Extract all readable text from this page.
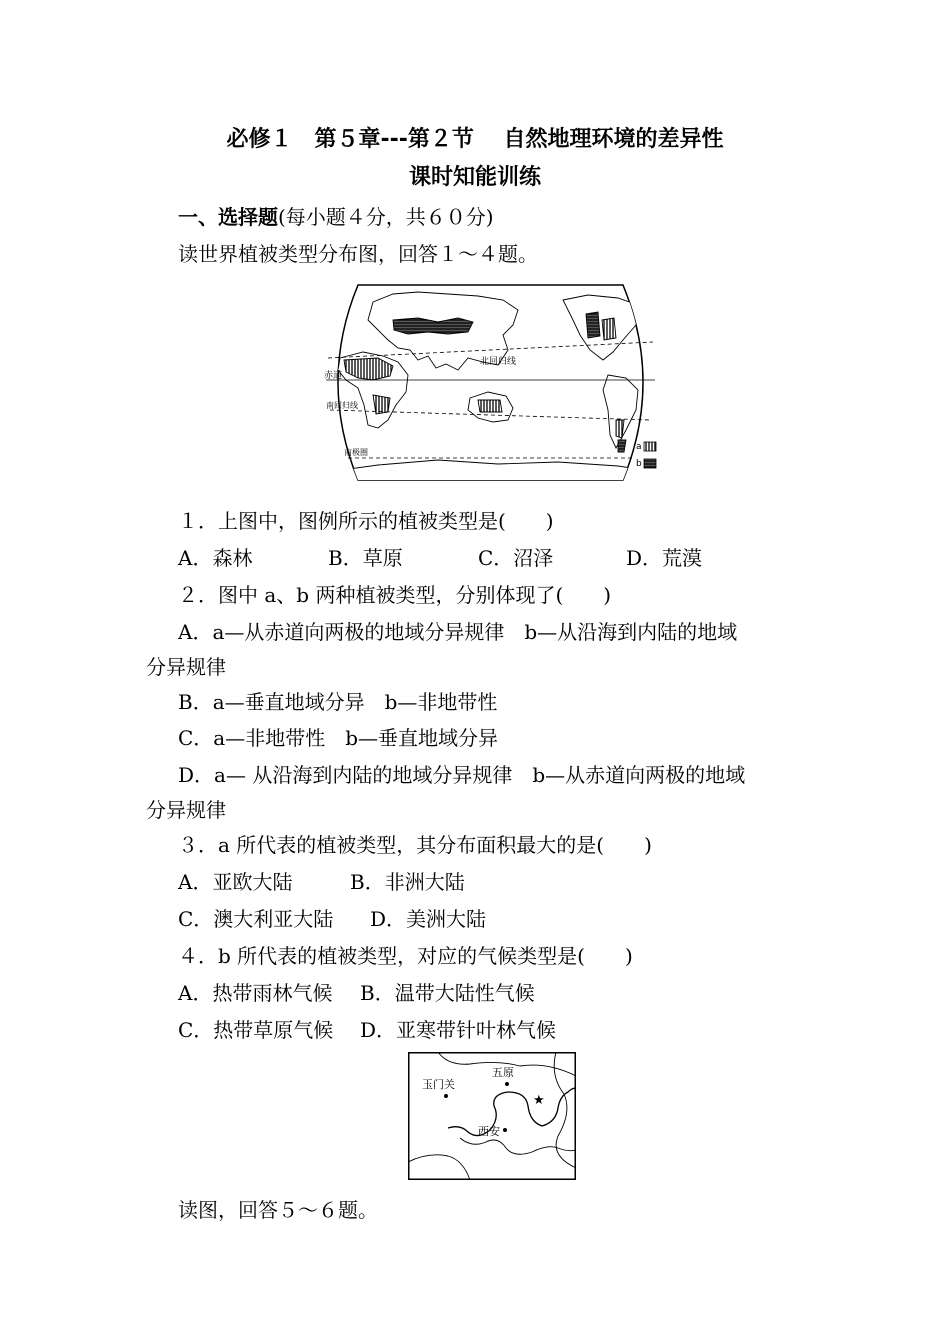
必修１　第５章---第２节　 自然地理环境的差异性
课时知能训练
一、选择题(每小题４分，共６０分)
读世界植被类型分布图，回答１～４题。
北回归线
赤道
南回归线
南极圈
a
b
１．上图中，图例所示的植被类型是(　　)
A．森林	B．草原	C．沼泽	D．荒漠
２．图中 a、b 两种植被类型，分别体现了(　　)
A．a—从赤道向两极的地域分异规律　b—从沿海到内陆的地域
分异规律
B．a—垂直地域分异　b—非地带性
C．a—非地带性　b—垂直地域分异
D．a— 从沿海到内陆的地域分异规律　b—从赤道向两极的地域
分异规律
３．a 所代表的植被类型，其分布面积最大的是(　　)
A．亚欧大陆	B．非洲大陆
C．澳大利亚大陆 D．美洲大陆
４．b 所代表的植被类型，对应的气候类型是(　　)
A．热带雨林气候 B．温带大陆性气候
C．热带草原气候 D．亚寒带针叶林气候
玉门关
五原
西安
★
读图，回答５～６题。
